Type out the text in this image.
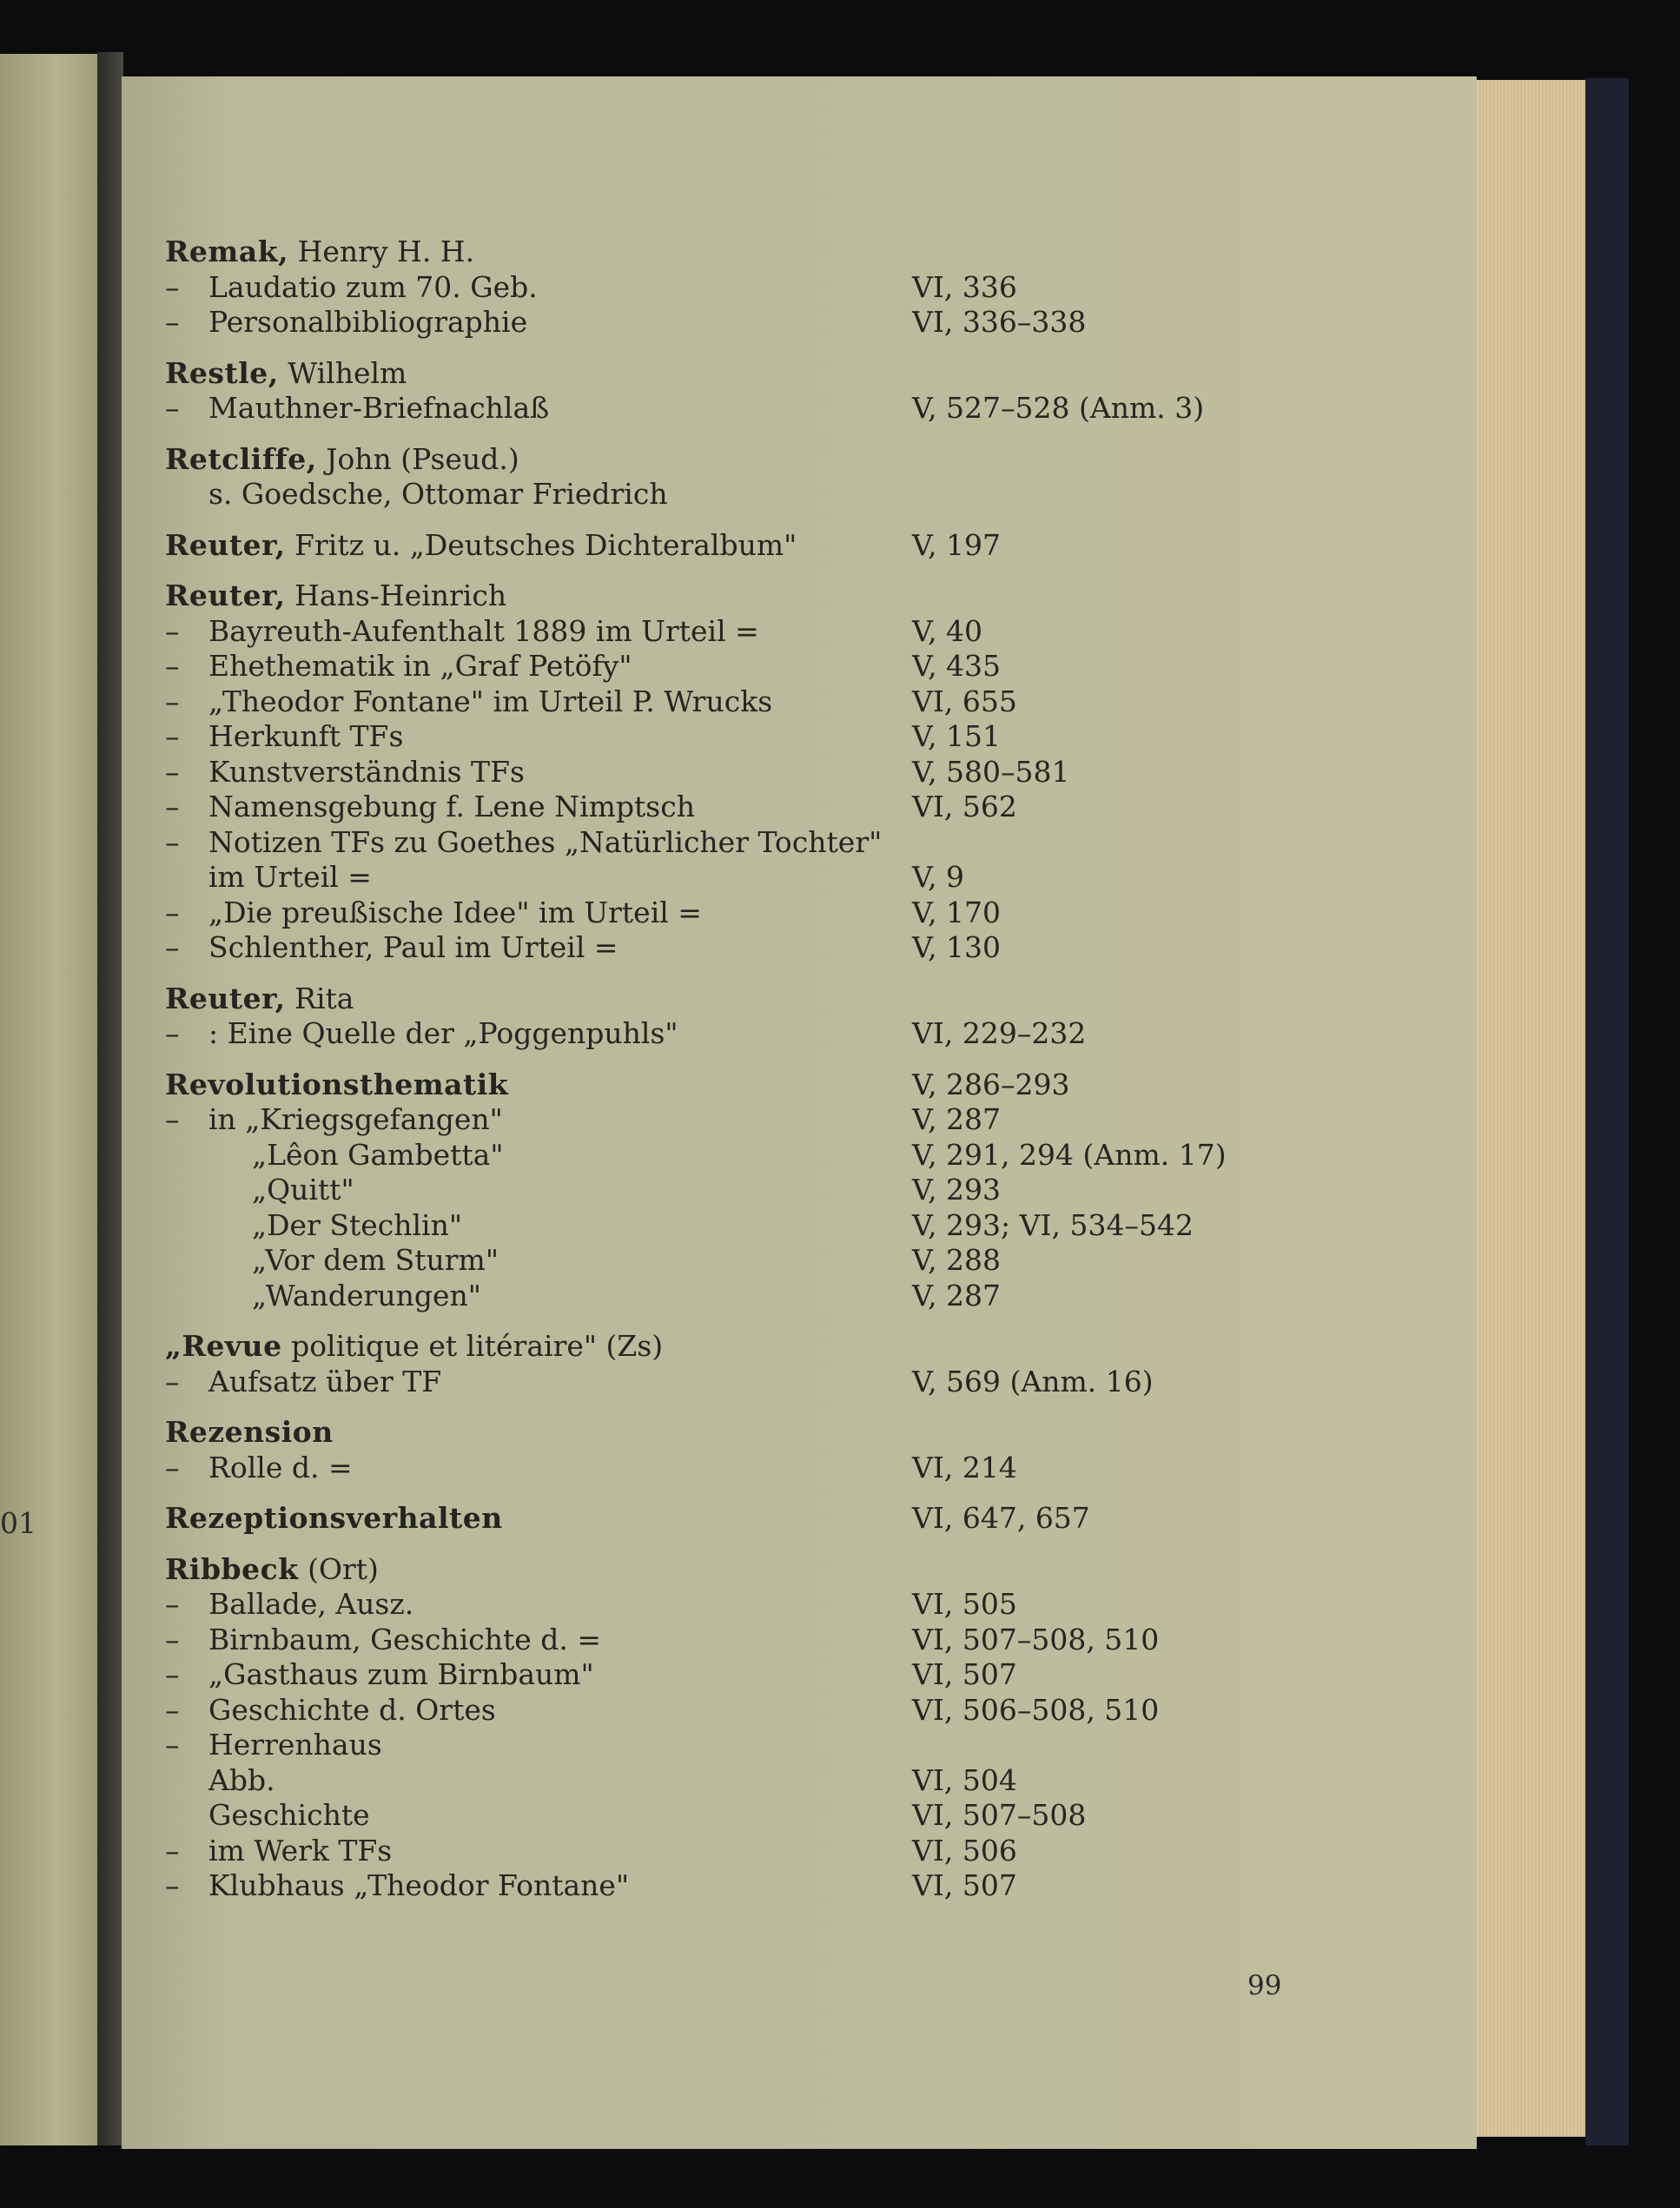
01
Remak, Henry H. H.
– Laudatio zum 70. Geb.	VI, 336
– Personalbibliographie	VI, 336–338
Restle, Wilhelm
– Mauthner-Briefnachlaß	V, 527–528 (Anm. 3)
Retcliffe, John (Pseud.)
s. Goedsche, Ottomar Friedrich
Reuter, Fritz u. „Deutsches Dichteralbum"	V, 197
Reuter, Hans-Heinrich
– Bayreuth-Aufenthalt 1889 im Urteil =	V, 40
– Ehethematik in „Graf Petöfy"	V, 435
– „Theodor Fontane" im Urteil P. Wrucks	VI, 655
– Herkunft TFs	V, 151
– Kunstverständnis TFs	V, 580–581
– Namensgebung f. Lene Nimptsch	VI, 562
– Notizen TFs zu Goethes „Natürlicher Tochter"
im Urteil =	V, 9
– „Die preußische Idee" im Urteil =	V, 170
– Schlenther, Paul im Urteil =	V, 130
Reuter, Rita
– : Eine Quelle der „Poggenpuhls"	VI, 229–232
Revolutionsthematik	V, 286–293
– in „Kriegsgefangen"	V, 287
„Lêon Gambetta"	V, 291, 294 (Anm. 17)
„Quitt"	V, 293
„Der Stechlin"	V, 293; VI, 534–542
„Vor dem Sturm"	V, 288
„Wanderungen"	V, 287
„Revue politique et litéraire" (Zs)
– Aufsatz über TF	V, 569 (Anm. 16)
Rezension
– Rolle d. =	VI, 214
Rezeptionsverhalten	VI, 647, 657
Ribbeck (Ort)
– Ballade, Ausz.	VI, 505
– Birnbaum, Geschichte d. =	VI, 507–508, 510
– „Gasthaus zum Birnbaum"	VI, 507
– Geschichte d. Ortes	VI, 506–508, 510
– Herrenhaus
Abb.	VI, 504
Geschichte	VI, 507–508
– im Werk TFs	VI, 506
– Klubhaus „Theodor Fontane"	VI, 507
99
